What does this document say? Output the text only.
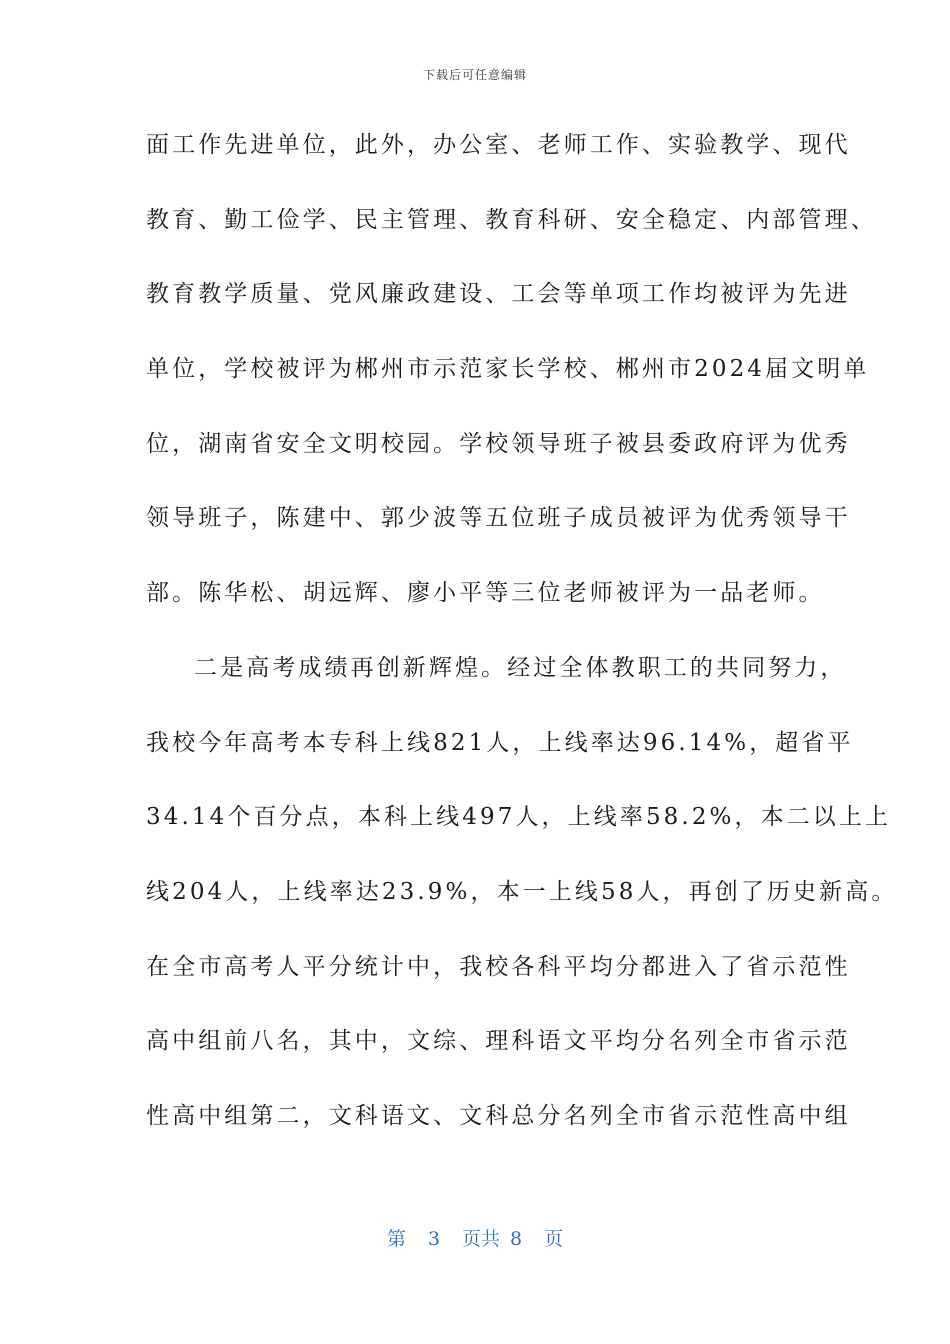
下载后可任意编辑
面工作先进单位，此外，办公室、老师工作、实验教学、现代
教育、勤工俭学、民主管理、教育科研、安全稳定、内部管理、
教育教学质量、党风廉政建设、工会等单项工作均被评为先进
单位，学校被评为郴州市示范家长学校、郴州市2024届文明单
位，湖南省安全文明校园。学校领导班子被县委政府评为优秀
领导班子，陈建中、郭少波等五位班子成员被评为优秀领导干
部。陈华松、胡远辉、廖小平等三位老师被评为一品老师。
二是高考成绩再创新辉煌。经过全体教职工的共同努力，
我校今年高考本专科上线821人，上线率达96.14%，超省平
34.14个百分点，本科上线497人，上线率58.2%，本二以上上
线204人，上线率达23.9%，本一上线58人，再创了历史新高。
在全市高考人平分统计中，我校各科平均分都进入了省示范性
高中组前八名，其中，文综、理科语文平均分名列全市省示范
性高中组第二，文科语文、文科总分名列全市省示范性高中组
第 3 页共 8 页
